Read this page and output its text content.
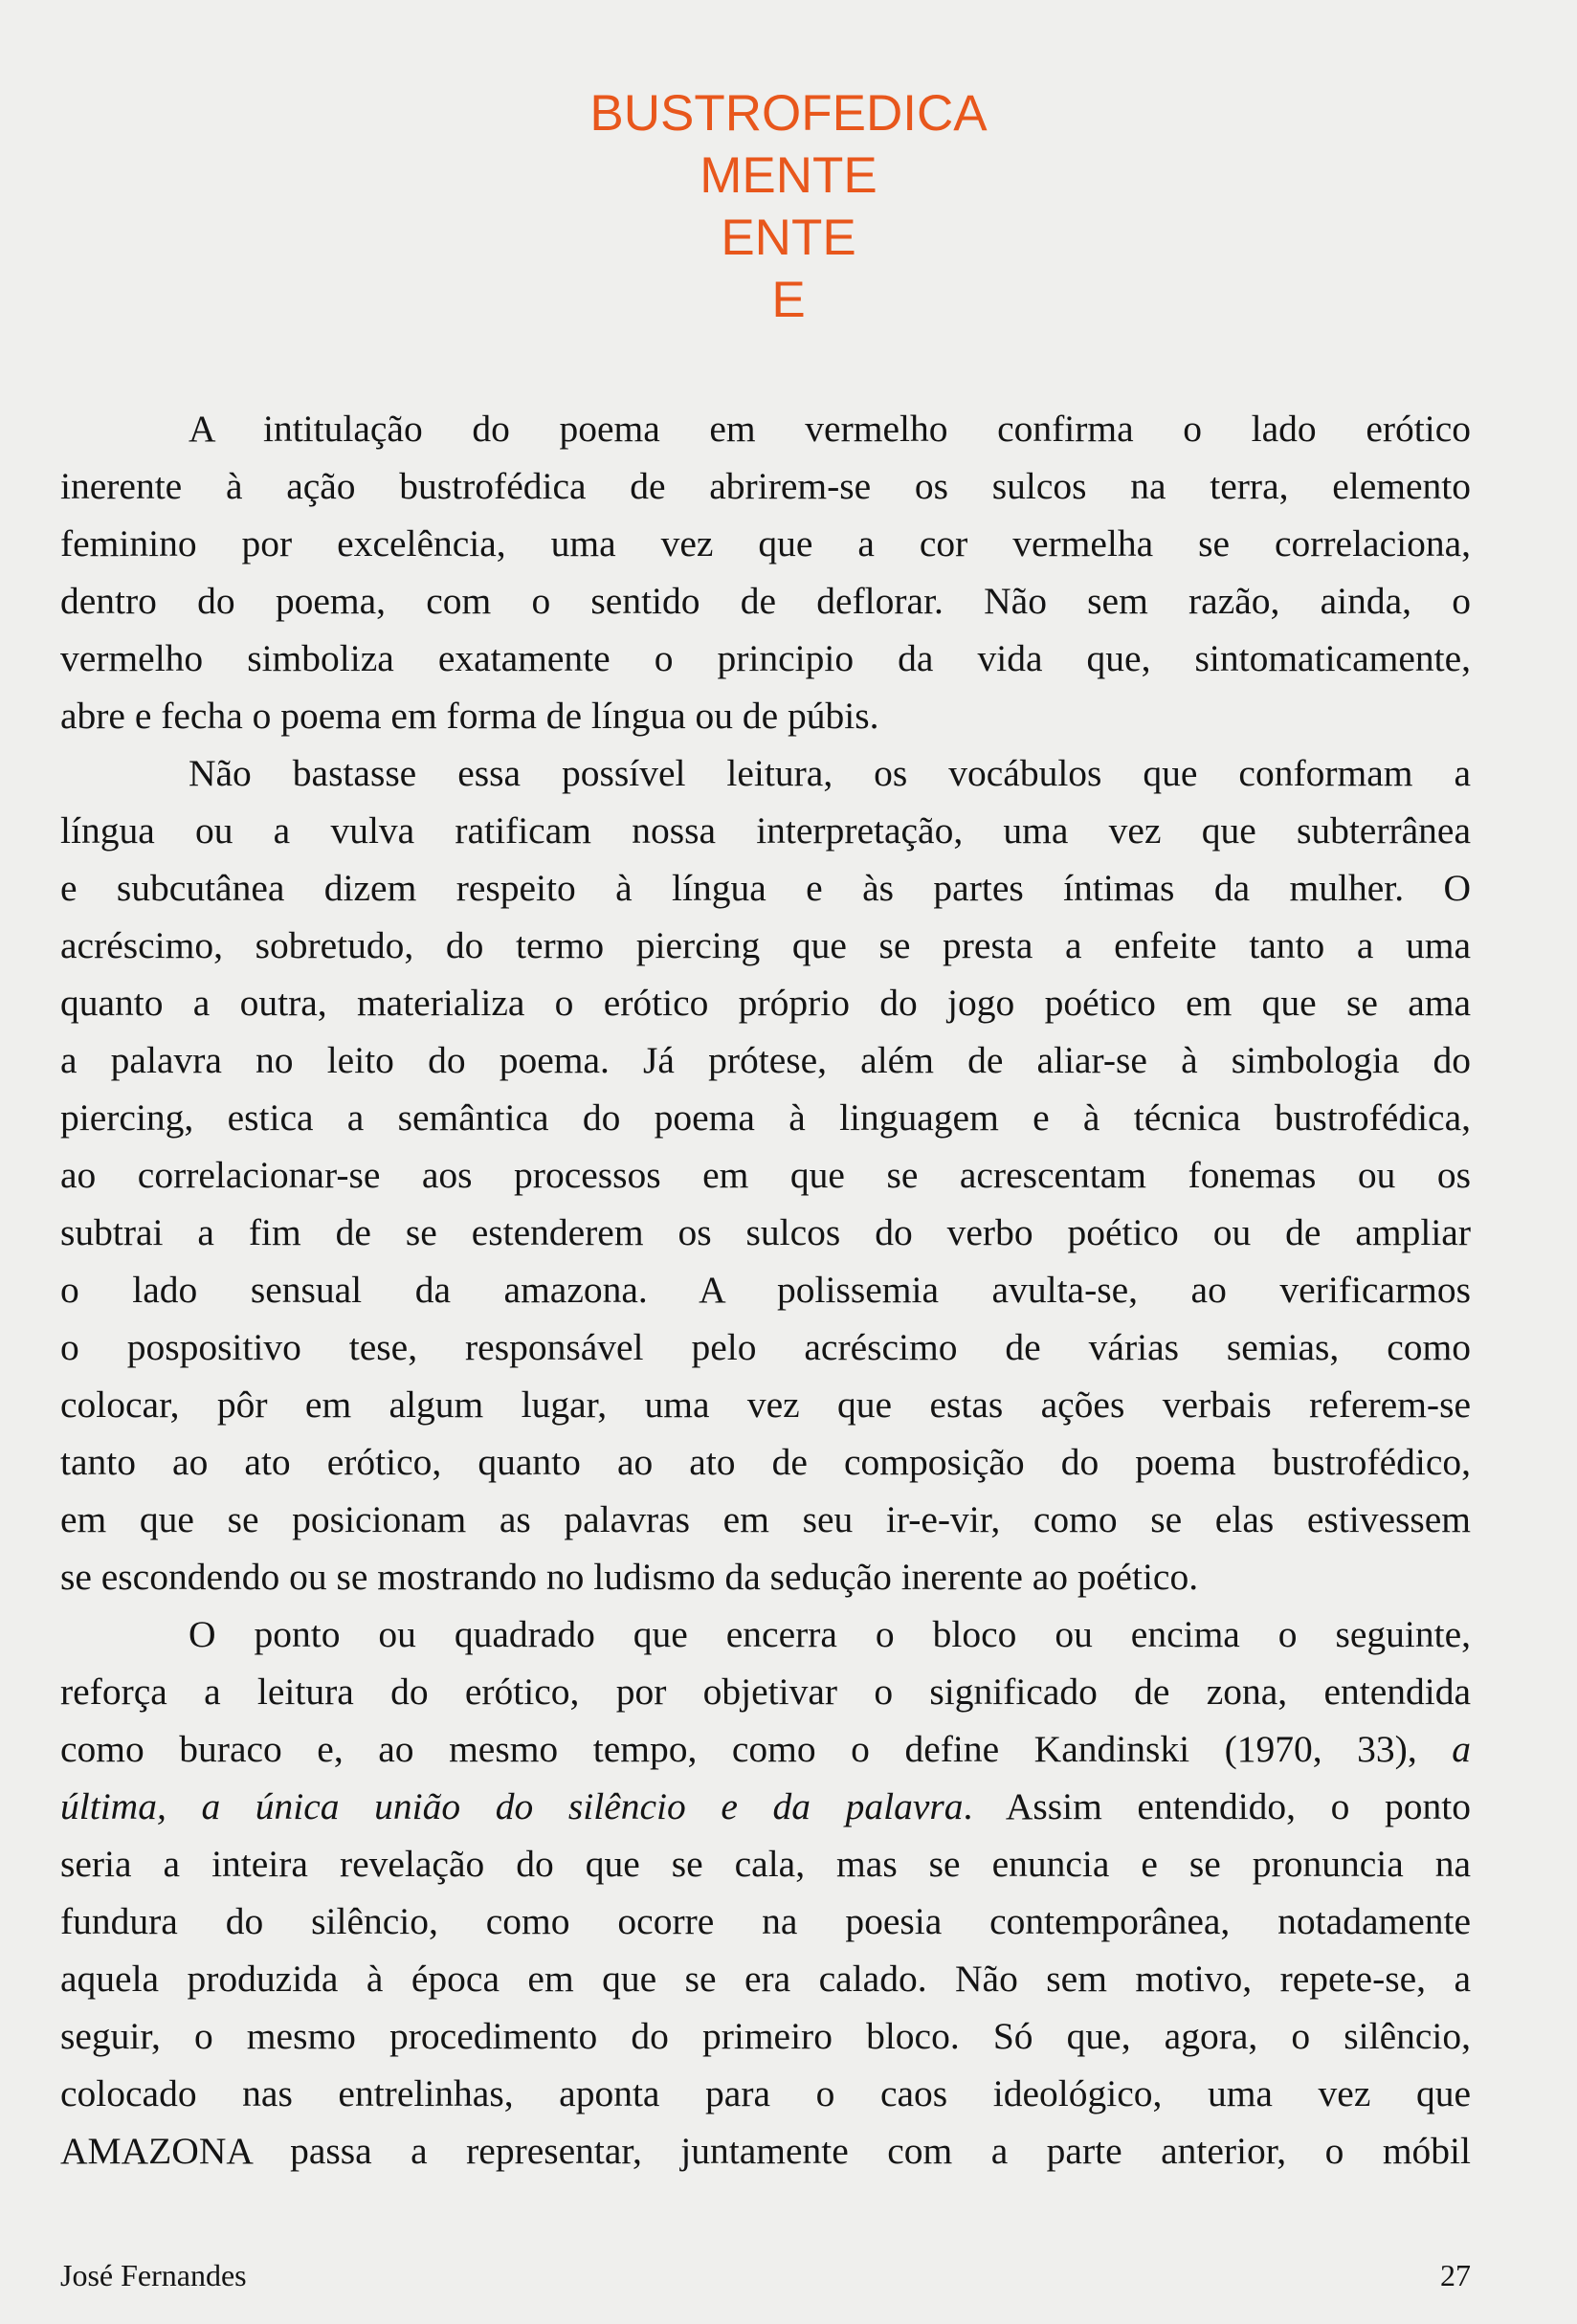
BUSTROFEDICA
MENTE
ENTE
E
A intitulação do poema em vermelho confirma o lado erótico
inerente à ação bustrofédica de abrirem-se os sulcos na terra, elemento
feminino por excelência, uma vez que a cor vermelha se correlaciona,
dentro do poema, com o sentido de deflorar. Não sem razão, ainda, o
vermelho simboliza exatamente o principio da vida que, sintomaticamente,
abre e fecha o poema em forma de língua ou de púbis.
Não bastasse essa possível leitura, os vocábulos que conformam a
língua ou a vulva ratificam nossa interpretação, uma vez que subterrânea
e subcutânea dizem respeito à língua e às partes íntimas da mulher. O
acréscimo, sobretudo, do termo piercing que se presta a enfeite tanto a uma
quanto a outra, materializa o erótico próprio do jogo poético em que se ama
a palavra no leito do poema. Já prótese, além de aliar-se à simbologia do
piercing, estica a semântica do poema à linguagem e à técnica bustrofédica,
ao correlacionar-se aos processos em que se acrescentam fonemas ou os
subtrai a fim de se estenderem os sulcos do verbo poético ou de ampliar
o lado sensual da amazona. A polissemia avulta-se, ao verificarmos
o pospositivo tese, responsável pelo acréscimo de várias semias, como
colocar, pôr em algum lugar, uma vez que estas ações verbais referem-se
tanto ao ato erótico, quanto ao ato de composição do poema bustrofédico,
em que se posicionam as palavras em seu ir-e-vir, como se elas estivessem
se escondendo ou se mostrando no ludismo da sedução inerente ao poético.
O ponto ou quadrado que encerra o bloco ou encima o seguinte,
reforça a leitura do erótico, por objetivar o significado de zona, entendida
como buraco e, ao mesmo tempo, como o define Kandinski (1970, 33), a
última, a única união do silêncio e da palavra. Assim entendido, o ponto
seria a inteira revelação do que se cala, mas se enuncia e se pronuncia na
fundura do silêncio, como ocorre na poesia contemporânea, notadamente
aquela produzida à época em que se era calado. Não sem motivo, repete-se, a
seguir, o mesmo procedimento do primeiro bloco. Só que, agora, o silêncio,
colocado nas entrelinhas, aponta para o caos ideológico, uma vez que
AMAZONA passa a representar, juntamente com a parte anterior, o móbil
José Fernandes	27
